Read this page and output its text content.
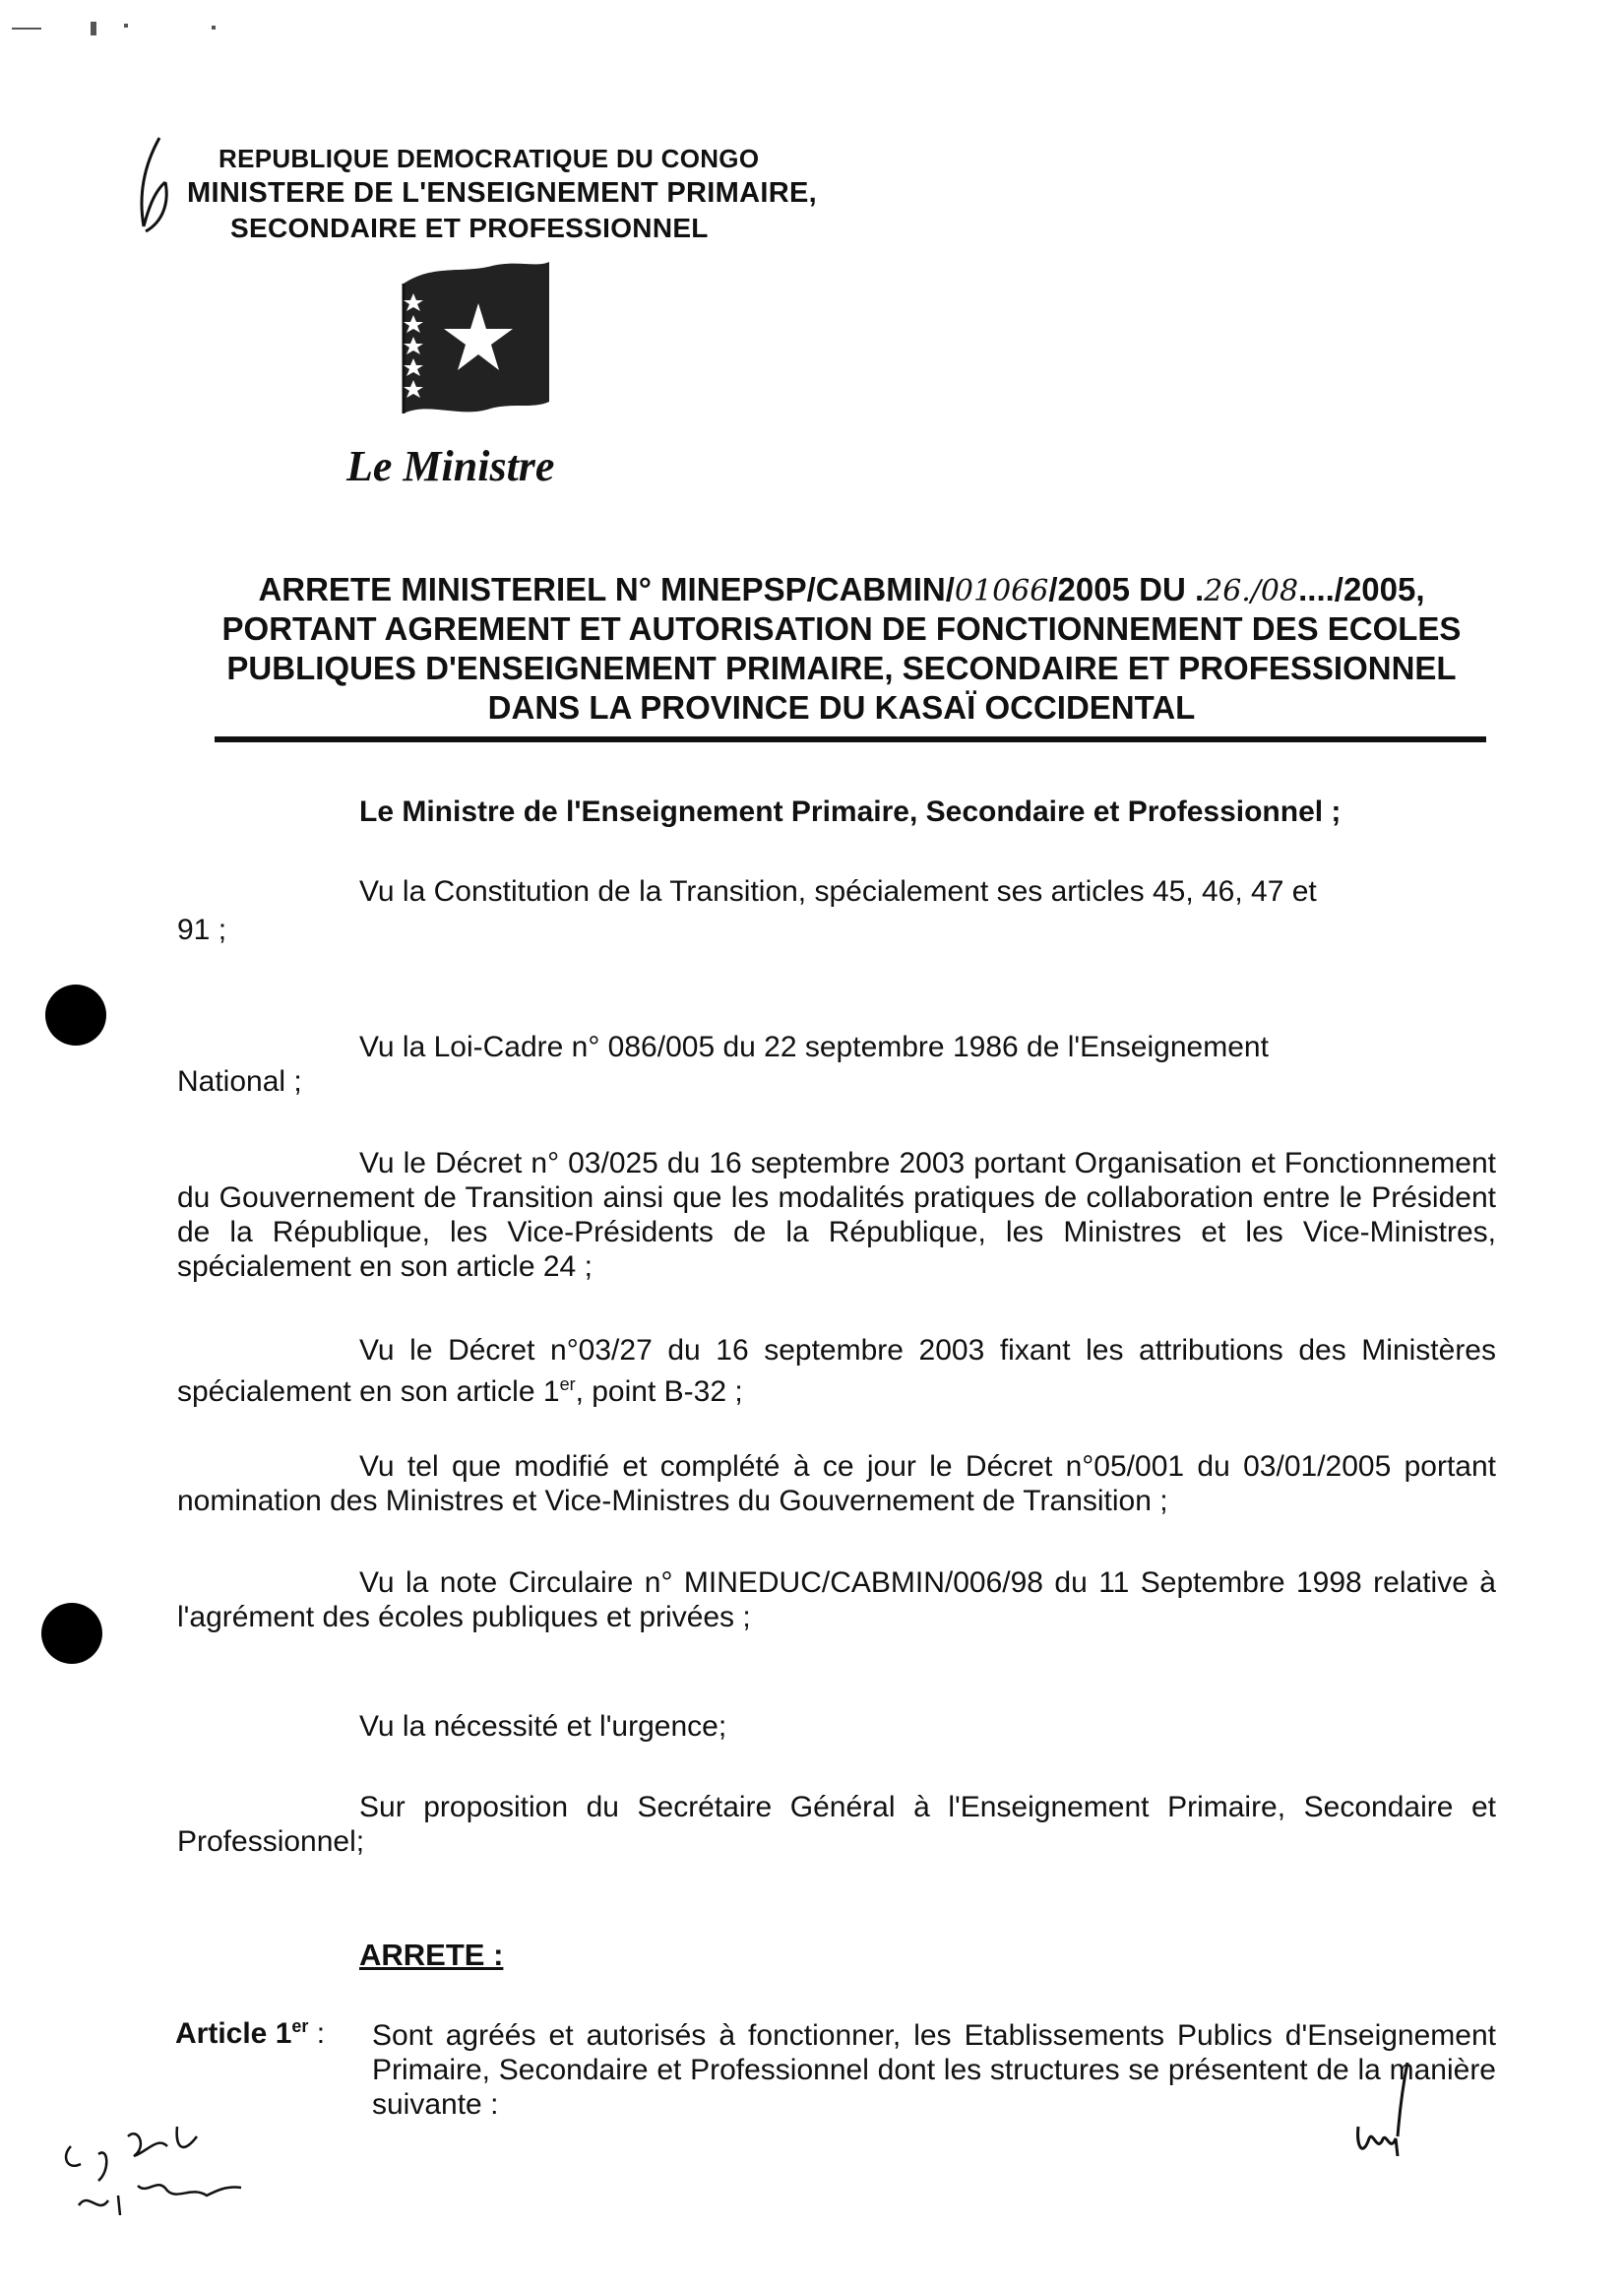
REPUBLIQUE DEMOCRATIQUE DU CONGO
MINISTERE DE L'ENSEIGNEMENT PRIMAIRE,
SECONDAIRE ET PROFESSIONNEL
Le Ministre
ARRETE MINISTERIEL N° MINEPSP/CABMIN/01066/2005 DU .26./08..../2005,
PORTANT AGREMENT ET AUTORISATION DE FONCTIONNEMENT DES ECOLES
PUBLIQUES D'ENSEIGNEMENT PRIMAIRE, SECONDAIRE ET PROFESSIONNEL
DANS LA PROVINCE DU KASAÏ OCCIDENTAL
Le Ministre de l'Enseignement Primaire, Secondaire et Professionnel ;
Vu la Constitution de la Transition, spécialement ses articles 45, 46, 47 et
91 ;
Vu la Loi-Cadre n° 086/005 du 22 septembre 1986 de l'Enseignement
National ;
Vu le Décret n° 03/025 du 16 septembre 2003 portant Organisation et Fonctionnement du Gouvernement de Transition ainsi que les modalités pratiques de collaboration entre le Président de la République, les Vice-Présidents de la République, les Ministres et les Vice-Ministres, spécialement en son article 24 ;
Vu le Décret n°03/27 du 16 septembre 2003 fixant les attributions des Ministères spécialement en son article 1er, point B-32 ;
Vu tel que modifié et complété à ce jour le Décret n°05/001 du 03/01/2005 portant nomination des Ministres et Vice-Ministres du Gouvernement de Transition ;
Vu la note Circulaire n° MINEDUC/CABMIN/006/98 du 11 Septembre 1998 relative à l'agrément des écoles publiques et privées ;
Vu la nécessité et l'urgence;
Sur proposition du Secrétaire Général à l'Enseignement Primaire, Secondaire et Professionnel;
ARRETE :
Article 1er : Sont agréés et autorisés à fonctionner, les Etablissements Publics d'Enseignement Primaire, Secondaire et Professionnel dont les structures se présentent de la manière suivante :
